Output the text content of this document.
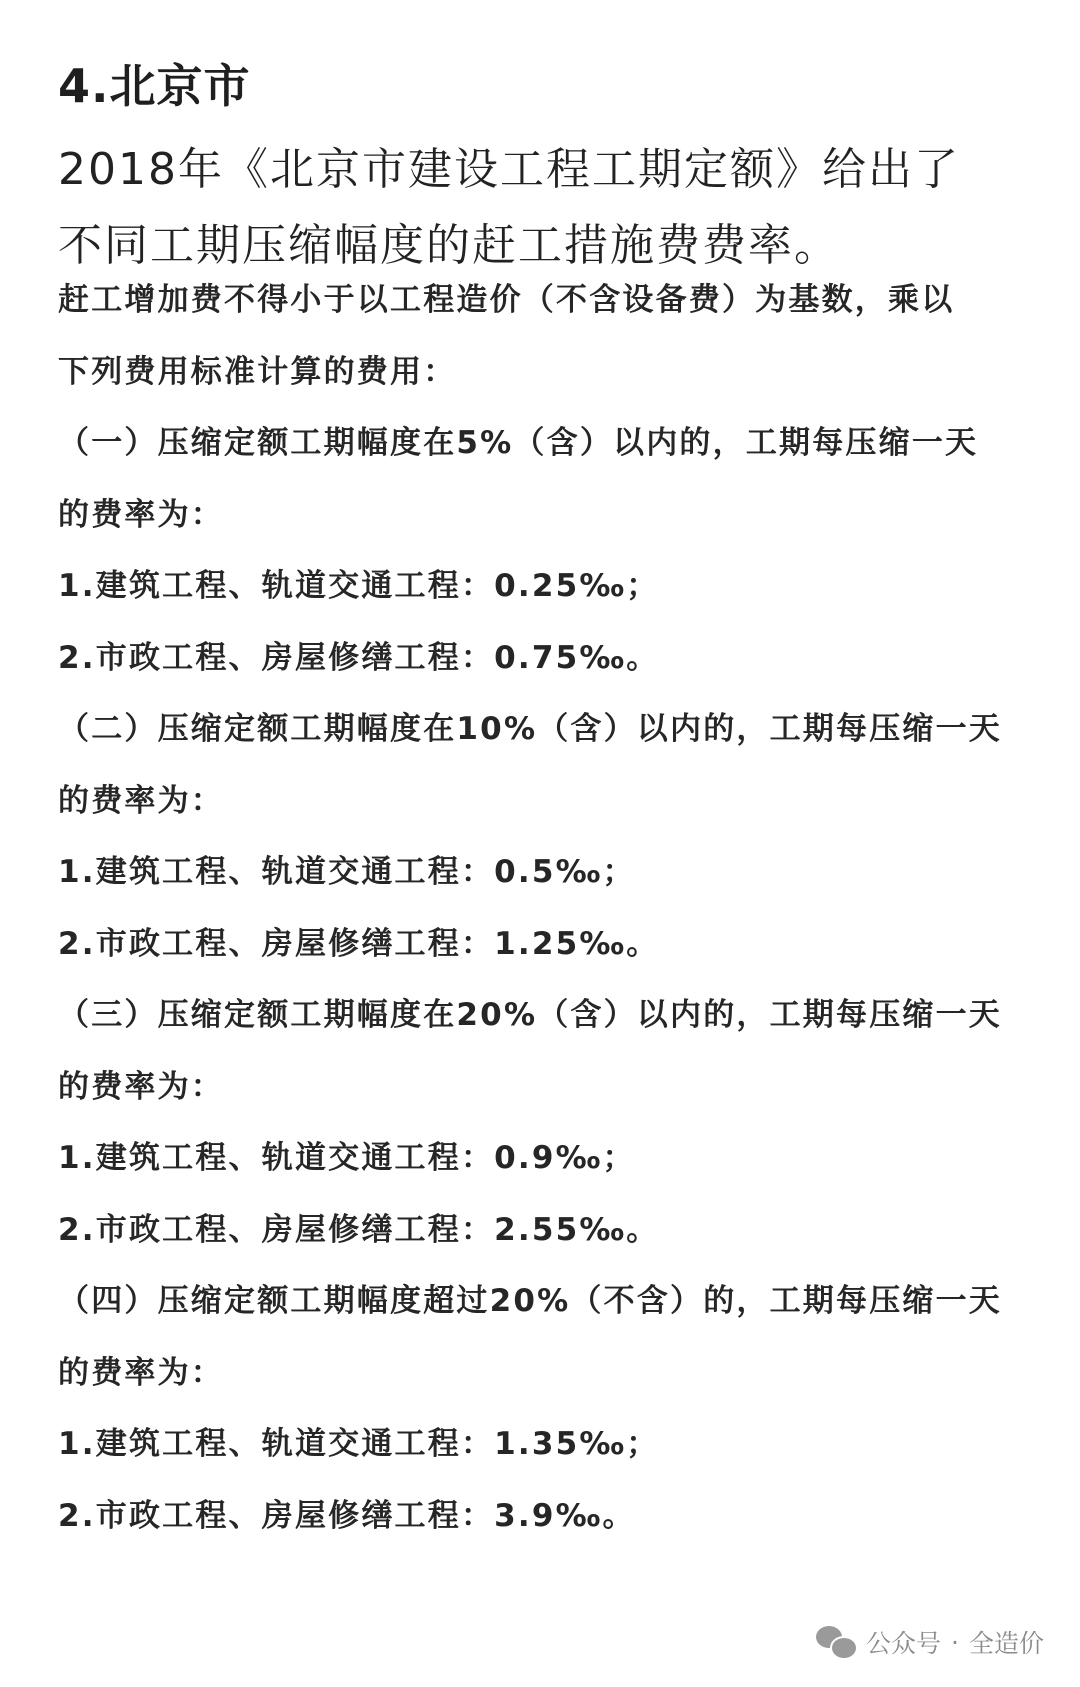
4.北京市
2018年《北京市建设工程工期定额》给出了
不同工期压缩幅度的赶工措施费费率。
赶工增加费不得小于以工程造价（不含设备费）为基数，乘以
下列费用标准计算的费用：
（一）压缩定额工期幅度在5%（含）以内的，工期每压缩一天
的费率为：
1.建筑工程、轨道交通工程：0.25‰；
2.市政工程、房屋修缮工程：0.75‰。
（二）压缩定额工期幅度在10%（含）以内的，工期每压缩一天
的费率为：
1.建筑工程、轨道交通工程：0.5‰；
2.市政工程、房屋修缮工程：1.25‰。
（三）压缩定额工期幅度在20%（含）以内的，工期每压缩一天
的费率为：
1.建筑工程、轨道交通工程：0.9‰；
2.市政工程、房屋修缮工程：2.55‰。
（四）压缩定额工期幅度超过20%（不含）的，工期每压缩一天
的费率为：
1.建筑工程、轨道交通工程：1.35‰；
2.市政工程、房屋修缮工程：3.9‰。
公众号 · 全造价
